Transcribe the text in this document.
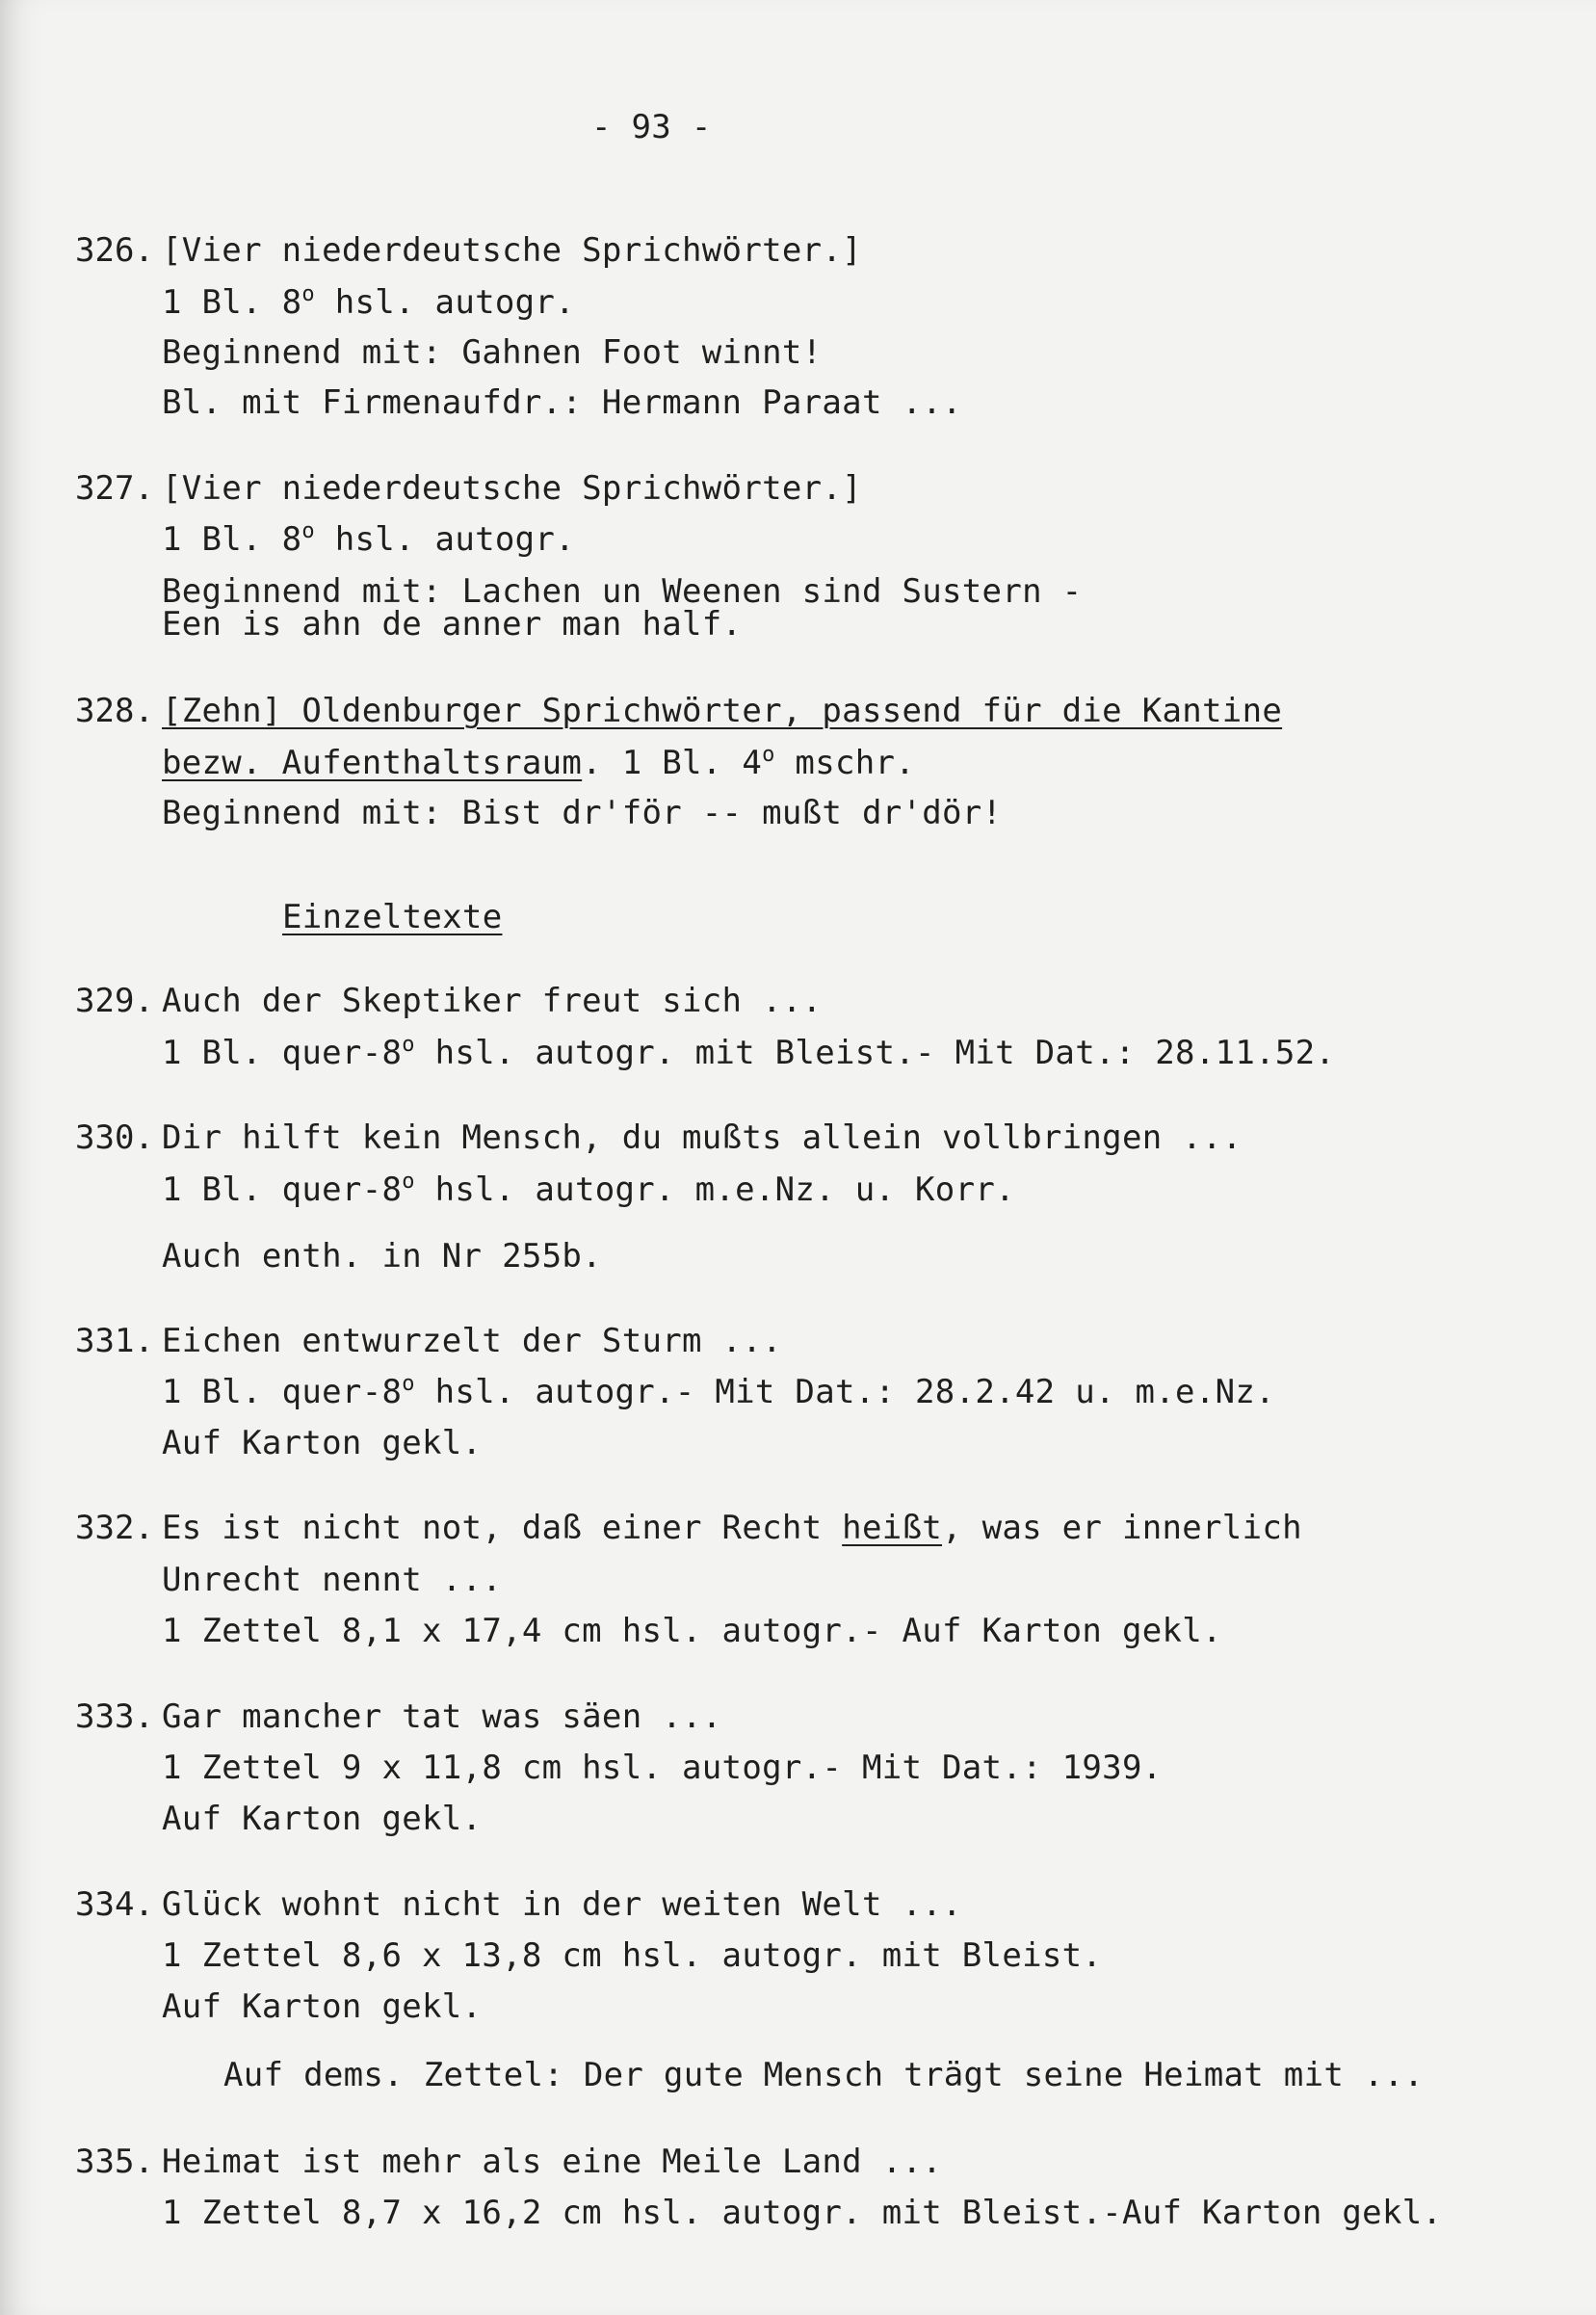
- 93 -
326. [Vier niederdeutsche Sprichwörter.]
1 Bl. 8$^o$ hsl. autogr.
Beginnend mit: Gahnen Foot winnt!
Bl. mit Firmenaufdr.: Hermann Paraat ...
327. [Vier niederdeutsche Sprichwörter.]
1 Bl. 8$^o$ hsl. autogr.
Beginnend mit: Lachen un Weenen sind Sustern -
Een is ahn de anner man half.
328. [Zehn] Oldenburger Sprichwörter, passend für die Kantine
bezw. Aufenthaltsraum. 1 Bl. 4$^o$ mschr.
Beginnend mit: Bist dr'för -- mußt dr'dör!
Einzeltexte
329. Auch der Skeptiker freut sich ...
1 Bl. quer-8$^o$ hsl. autogr. mit Bleist.- Mit Dat.: 28.11.52.
330. Dir hilft kein Mensch, du mußts allein vollbringen ...
1 Bl. quer-8$^o$ hsl. autogr. m.e.Nz. u. Korr.
Auch enth. in Nr 255b.
331. Eichen entwurzelt der Sturm ...
1 Bl. quer-8$^o$ hsl. autogr.- Mit Dat.: 28.2.42 u. m.e.Nz.
Auf Karton gekl.
332. Es ist nicht not, daß einer Recht heißt, was er innerlich
Unrecht nennt ...
1 Zettel 8,1 x 17,4 cm hsl. autogr.- Auf Karton gekl.
333. Gar mancher tat was säen ...
1 Zettel 9 x 11,8 cm hsl. autogr.- Mit Dat.: 1939.
Auf Karton gekl.
334. Glück wohnt nicht in der weiten Welt ...
1 Zettel 8,6 x 13,8 cm hsl. autogr. mit Bleist.
Auf Karton gekl.
Auf dems. Zettel: Der gute Mensch trägt seine Heimat mit ...
335. Heimat ist mehr als eine Meile Land ...
1 Zettel 8,7 x 16,2 cm hsl. autogr. mit Bleist.-Auf Karton gekl.
